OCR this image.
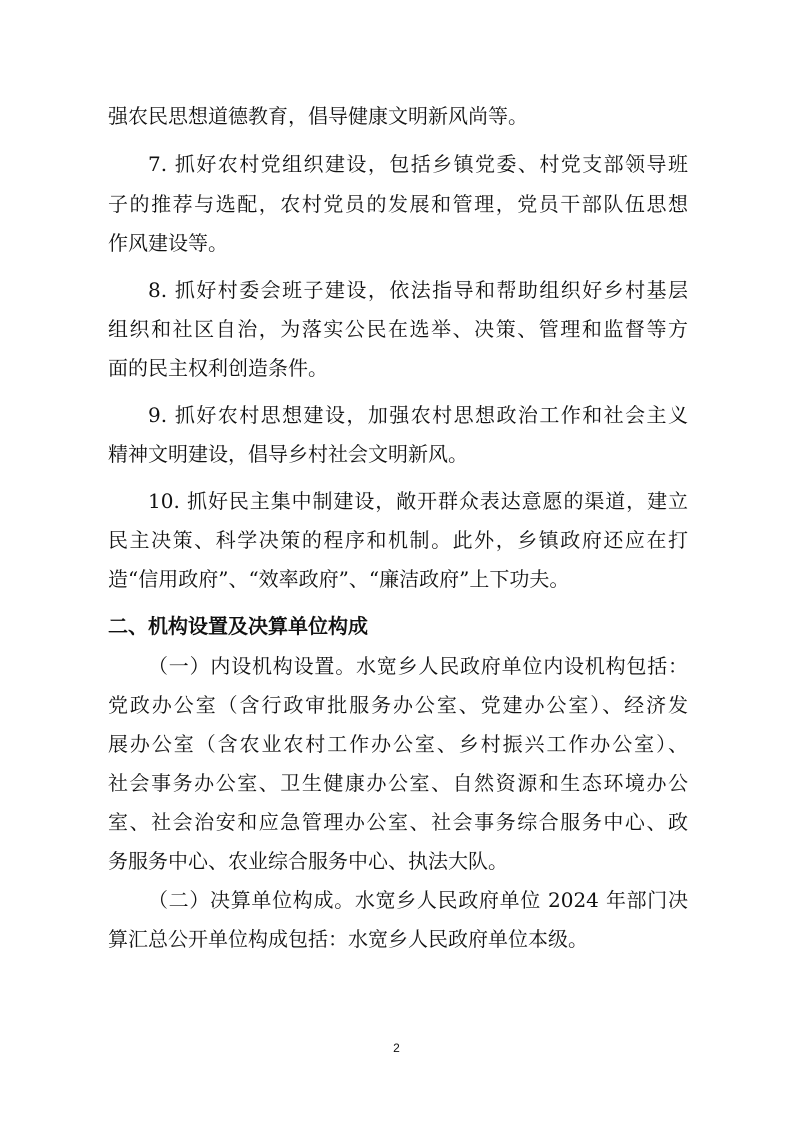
强农民思想道德教育，倡导健康文明新风尚等。
7. 抓好农村党组织建设，包括乡镇党委、村党支部领导班
子的推荐与选配，农村党员的发展和管理，党员干部队伍思想
作风建设等。
8. 抓好村委会班子建设，依法指导和帮助组织好乡村基层
组织和社区自治，为落实公民在选举、决策、管理和监督等方
面的民主权利创造条件。
9. 抓好农村思想建设，加强农村思想政治工作和社会主义
精神文明建设，倡导乡村社会文明新风。
10. 抓好民主集中制建设，敞开群众表达意愿的渠道，建立
民主决策、科学决策的程序和机制。此外，乡镇政府还应在打
造“信用政府”、“效率政府”、“廉洁政府”上下功夫。
二、机构设置及决算单位构成
（一）内设机构设置。水宽乡人民政府单位内设机构包括：
党政办公室（含行政审批服务办公室、党建办公室）、经济发
展办公室（含农业农村工作办公室、乡村振兴工作办公室）、
社会事务办公室、卫生健康办公室、自然资源和生态环境办公
室、社会治安和应急管理办公室、社会事务综合服务中心、政
务服务中心、农业综合服务中心、执法大队。
（二）决算单位构成。水宽乡人民政府单位 2024 年部门决
算汇总公开单位构成包括：水宽乡人民政府单位本级。
2
